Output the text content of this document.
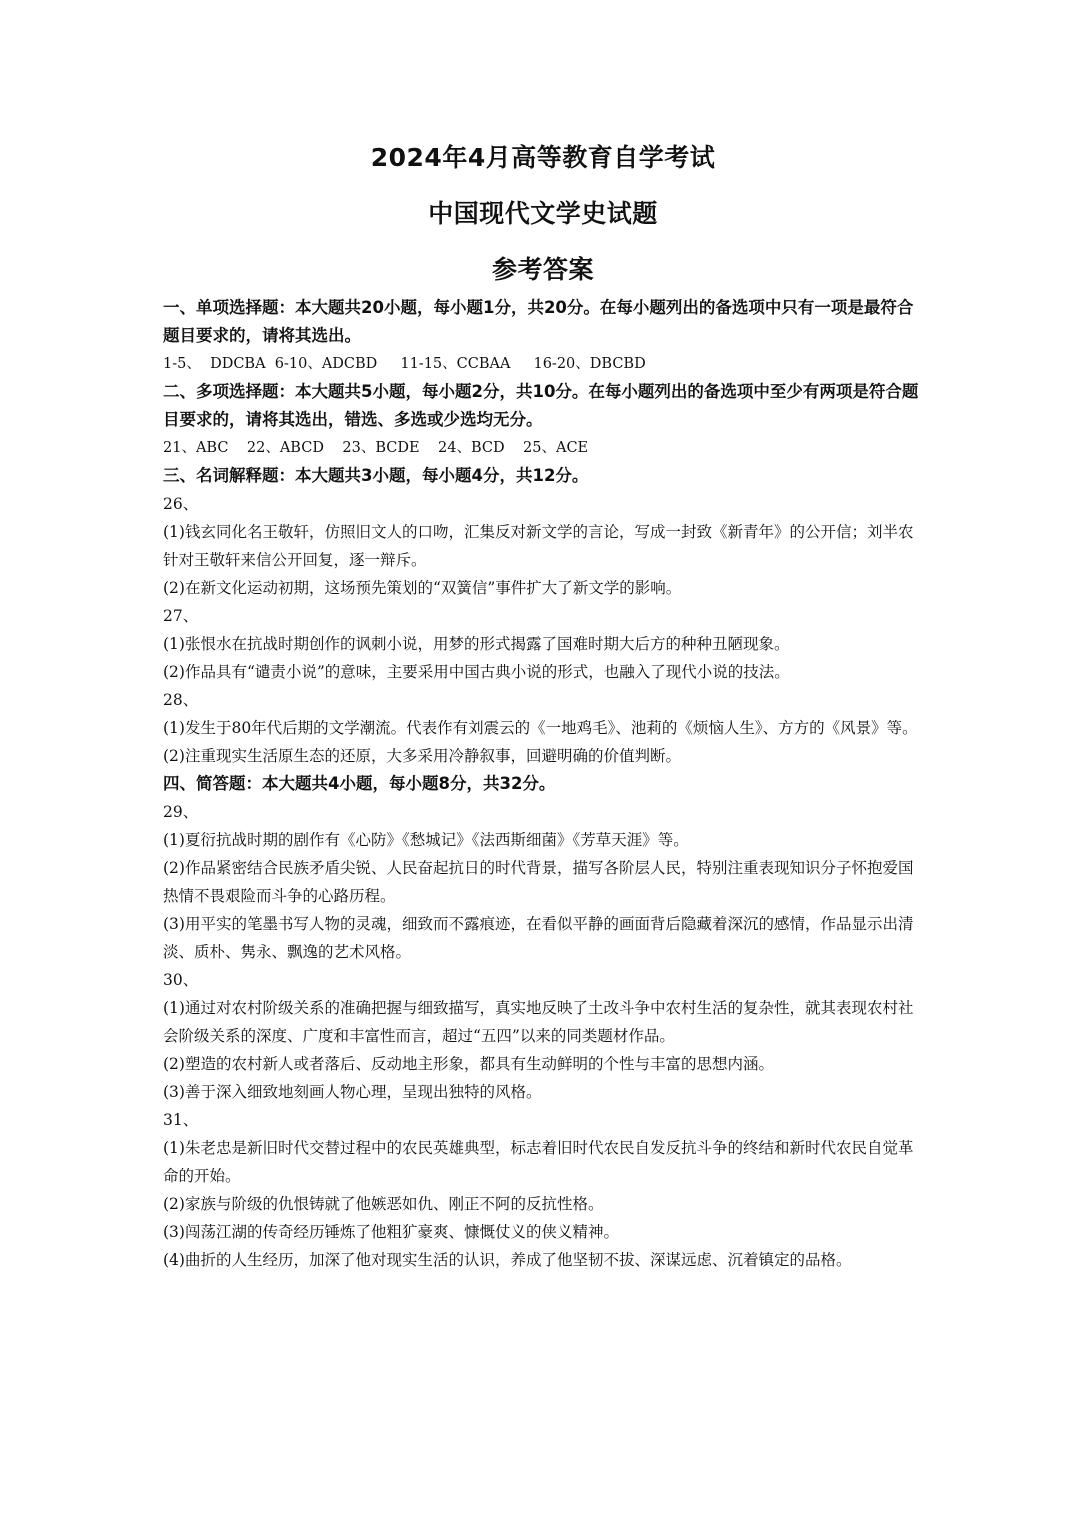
2024年4月高等教育自学考试
中国现代文学史试题
参考答案

一、单项选择题：本大题共20小题，每小题1分，共20分。在每小题列出的备选项中只有一项是最符合题目要求的，请将其选出。

1-5、  DDCBA  6-10、ADCBD     11-15、CCBAA     16-20、DBCBD

二、多项选择题：本大题共5小题，每小题2分，共10分。在每小题列出的备选项中至少有两项是符合题目要求的，请将其选出，错选、多选或少选均无分。

21、ABC    22、ABCD    23、BCDE    24、BCD    25、ACE

三、名词解释题：本大题共3小题，每小题4分，共12分。

26、

(1)钱玄同化名王敬轩，仿照旧文人的口吻，汇集反对新文学的言论，写成一封致《新青年》的公开信；刘半农针对王敬轩来信公开回复，逐一辩斥。

(2)在新文化运动初期，这场预先策划的“双簧信”事件扩大了新文学的影响。

27、

(1)张恨水在抗战时期创作的讽刺小说，用梦的形式揭露了国难时期大后方的种种丑陋现象。

(2)作品具有“谴责小说”的意味，主要采用中国古典小说的形式，也融入了现代小说的技法。

28、

(1)发生于80年代后期的文学潮流。代表作有刘震云的《一地鸡毛》、池莉的《烦恼人生》、方方的《风景》等。

(2)注重现实生活原生态的还原，大多采用冷静叙事，回避明确的价值判断。

四、简答题：本大题共4小题，每小题8分，共32分。

29、

(1)夏衍抗战时期的剧作有《心防》《愁城记》《法西斯细菌》《芳草天涯》等。

(2)作品紧密结合民族矛盾尖锐、人民奋起抗日的时代背景，描写各阶层人民，特别注重表现知识分子怀抱爱国热情不畏艰险而斗争的心路历程。

(3)用平实的笔墨书写人物的灵魂，细致而不露痕迹，在看似平静的画面背后隐藏着深沉的感情，作品显示出清淡、质朴、隽永、飘逸的艺术风格。

30、

(1)通过对农村阶级关系的准确把握与细致描写，真实地反映了土改斗争中农村生活的复杂性，就其表现农村社会阶级关系的深度、广度和丰富性而言，超过“五四”以来的同类题材作品。

(2)塑造的农村新人或者落后、反动地主形象，都具有生动鲜明的个性与丰富的思想内涵。

(3)善于深入细致地刻画人物心理，呈现出独特的风格。

31、

(1)朱老忠是新旧时代交替过程中的农民英雄典型，标志着旧时代农民自发反抗斗争的终结和新时代农民自觉革命的开始。

(2)家族与阶级的仇恨铸就了他嫉恶如仇、刚正不阿的反抗性格。

(3)闯荡江湖的传奇经历锤炼了他粗犷豪爽、慷慨仗义的侠义精神。

(4)曲折的人生经历，加深了他对现实生活的认识，养成了他坚韧不拔、深谋远虑、沉着镇定的品格。
